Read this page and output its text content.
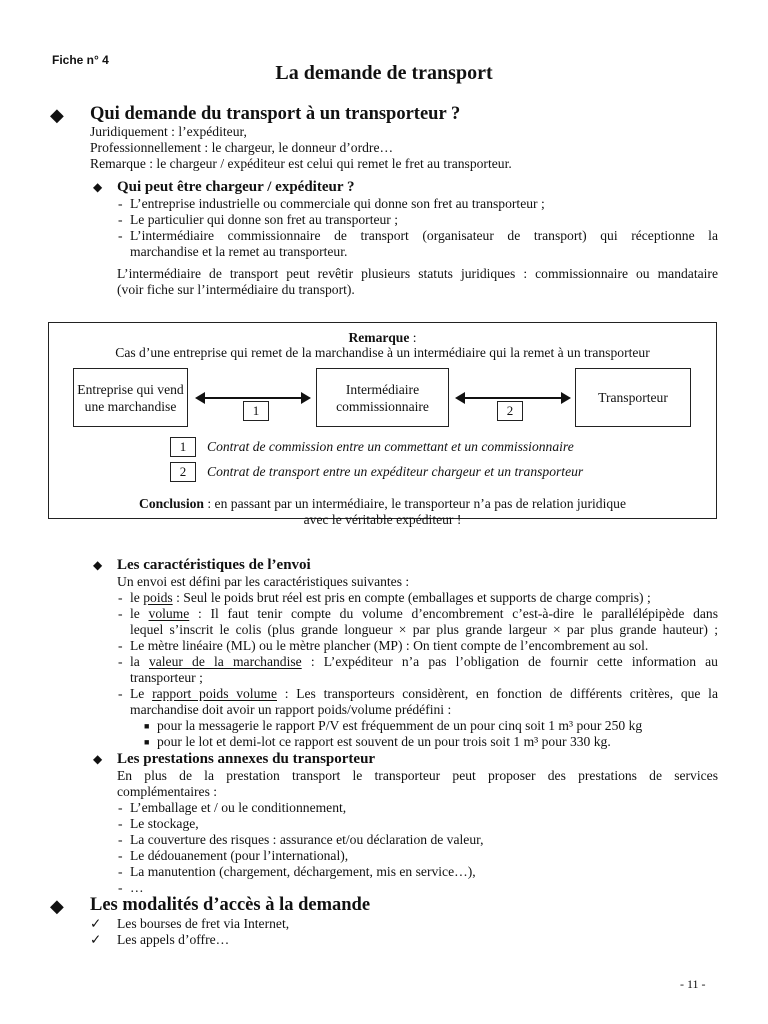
Fiche n° 4
La demande de transport
◆ Qui demande du transport à un transporteur ?
Juridiquement : l’expéditeur,
Professionnellement : le chargeur, le donneur d’ordre…
Remarque : le chargeur / expéditeur est celui qui remet le fret au transporteur.
◆ Qui peut être chargeur / expéditeur ?
- L’entreprise industrielle ou commerciale qui donne son fret au transporteur ;
- Le particulier qui donne son fret au transporteur ;
- L’intermédiaire commissionnaire de transport (organisateur de transport) qui réceptionne la
marchandise et la remet au transporteur.
L’intermédiaire de transport peut revêtir plusieurs statuts juridiques : commissionnaire ou mandataire
(voir fiche sur l’intermédiaire du transport).
Remarque :
Cas d’une entreprise qui remet de la marchandise à un intermédiaire qui la remet à un transporteur
Entreprise qui vend une marchandise
Intermédiaire commissionnaire
Transporteur
1	2
1	Contrat de commission entre un commettant et un commissionnaire
2	Contrat de transport entre un expéditeur chargeur et un transporteur
Conclusion : en passant par un intermédiaire, le transporteur n’a pas de relation juridique
avec le véritable expéditeur !
◆ Les caractéristiques de l’envoi
Un envoi est défini par les caractéristiques suivantes :
- le poids : Seul le poids brut réel est pris en compte (emballages et supports de charge compris) ;
- le volume : Il faut tenir compte du volume d’encombrement c’est-à-dire le parallélépipède dans
lequel s’inscrit le colis (plus grande longueur × par plus grande largeur × par plus grande hauteur) ;
- Le mètre linéaire (ML) ou le mètre plancher (MP) : On tient compte de l’encombrement au sol.
- la valeur de la marchandise : L’expéditeur n’a pas l’obligation de fournir cette information au
transporteur ;
- Le rapport poids volume : Les transporteurs considèrent, en fonction de différents critères, que la
marchandise doit avoir un rapport poids/volume prédéfini :
■ pour la messagerie le rapport P/V est fréquemment de un pour cinq soit 1 m³ pour 250 kg
■ pour le lot et demi-lot ce rapport est souvent de un pour trois soit 1 m³ pour 330 kg.
◆ Les prestations annexes du transporteur
En plus de la prestation transport le transporteur peut proposer des prestations de services
complémentaires :
- L’emballage et / ou le conditionnement,
- Le stockage,
- La couverture des risques : assurance et/ou déclaration de valeur,
- Le dédouanement (pour l’international),
- La manutention (chargement, déchargement, mis en service…),
- …
◆ Les modalités d’accès à la demande
✓ Les bourses de fret via Internet,
✓ Les appels d’offre…
- 11 -
